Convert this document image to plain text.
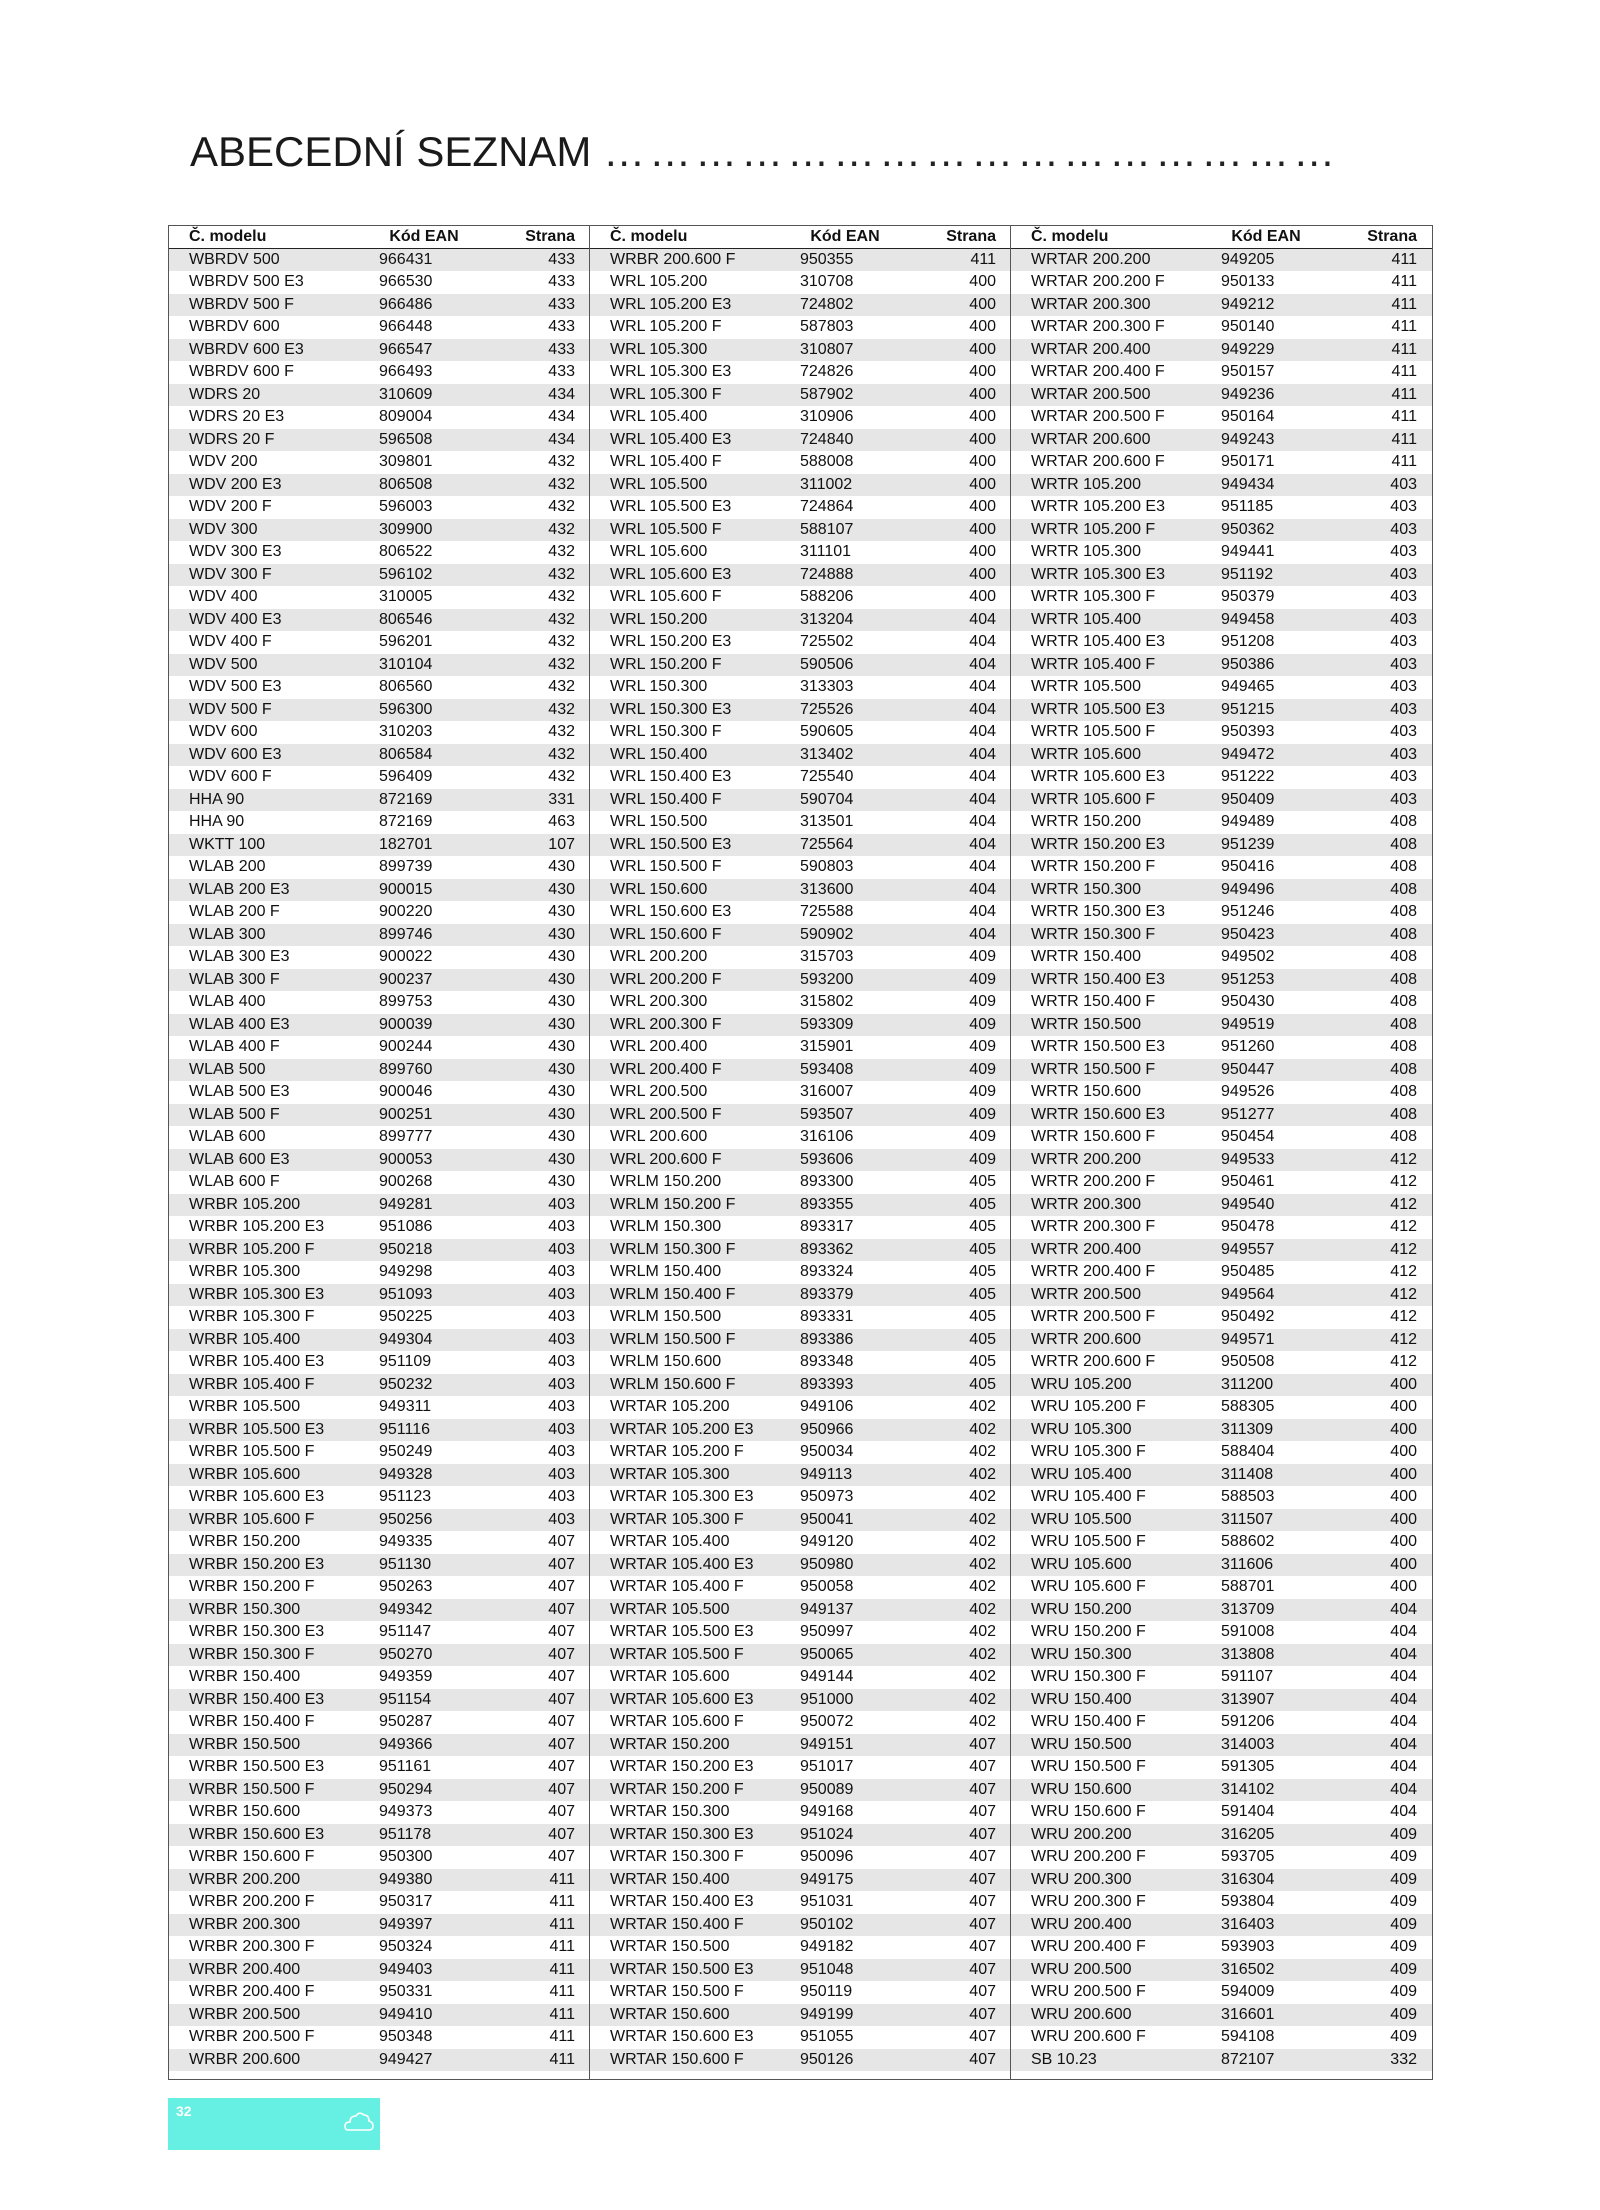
ABECEDNÍ SEZNAM …………………………………………
Č. modelu	Kód EAN	Strana
WBRDV 500	966431	433
WBRDV 500 E3	966530	433
WBRDV 500 F	966486	433
WBRDV 600	966448	433
WBRDV 600 E3	966547	433
WBRDV 600 F	966493	433
WDRS 20	310609	434
WDRS 20 E3	809004	434
WDRS 20 F	596508	434
WDV 200	309801	432
WDV 200 E3	806508	432
WDV 200 F	596003	432
WDV 300	309900	432
WDV 300 E3	806522	432
WDV 300 F	596102	432
WDV 400	310005	432
WDV 400 E3	806546	432
WDV 400 F	596201	432
WDV 500	310104	432
WDV 500 E3	806560	432
WDV 500 F	596300	432
WDV 600	310203	432
WDV 600 E3	806584	432
WDV 600 F	596409	432
HHA 90	872169	331
HHA 90	872169	463
WKTT 100	182701	107
WLAB 200	899739	430
WLAB 200 E3	900015	430
WLAB 200 F	900220	430
WLAB 300	899746	430
WLAB 300 E3	900022	430
WLAB 300 F	900237	430
WLAB 400	899753	430
WLAB 400 E3	900039	430
WLAB 400 F	900244	430
WLAB 500	899760	430
WLAB 500 E3	900046	430
WLAB 500 F	900251	430
WLAB 600	899777	430
WLAB 600 E3	900053	430
WLAB 600 F	900268	430
WRBR 105.200	949281	403
WRBR 105.200 E3	951086	403
WRBR 105.200 F	950218	403
WRBR 105.300	949298	403
WRBR 105.300 E3	951093	403
WRBR 105.300 F	950225	403
WRBR 105.400	949304	403
WRBR 105.400 E3	951109	403
WRBR 105.400 F	950232	403
WRBR 105.500	949311	403
WRBR 105.500 E3	951116	403
WRBR 105.500 F	950249	403
WRBR 105.600	949328	403
WRBR 105.600 E3	951123	403
WRBR 105.600 F	950256	403
WRBR 150.200	949335	407
WRBR 150.200 E3	951130	407
WRBR 150.200 F	950263	407
WRBR 150.300	949342	407
WRBR 150.300 E3	951147	407
WRBR 150.300 F	950270	407
WRBR 150.400	949359	407
WRBR 150.400 E3	951154	407
WRBR 150.400 F	950287	407
WRBR 150.500	949366	407
WRBR 150.500 E3	951161	407
WRBR 150.500 F	950294	407
WRBR 150.600	949373	407
WRBR 150.600 E3	951178	407
WRBR 150.600 F	950300	407
WRBR 200.200	949380	411
WRBR 200.200 F	950317	411
WRBR 200.300	949397	411
WRBR 200.300 F	950324	411
WRBR 200.400	949403	411
WRBR 200.400 F	950331	411
WRBR 200.500	949410	411
WRBR 200.500 F	950348	411
WRBR 200.600	949427	411
Č. modelu	Kód EAN	Strana
WRBR 200.600 F	950355	411
WRL 105.200	310708	400
WRL 105.200 E3	724802	400
WRL 105.200 F	587803	400
WRL 105.300	310807	400
WRL 105.300 E3	724826	400
WRL 105.300 F	587902	400
WRL 105.400	310906	400
WRL 105.400 E3	724840	400
WRL 105.400 F	588008	400
WRL 105.500	311002	400
WRL 105.500 E3	724864	400
WRL 105.500 F	588107	400
WRL 105.600	311101	400
WRL 105.600 E3	724888	400
WRL 105.600 F	588206	400
WRL 150.200	313204	404
WRL 150.200 E3	725502	404
WRL 150.200 F	590506	404
WRL 150.300	313303	404
WRL 150.300 E3	725526	404
WRL 150.300 F	590605	404
WRL 150.400	313402	404
WRL 150.400 E3	725540	404
WRL 150.400 F	590704	404
WRL 150.500	313501	404
WRL 150.500 E3	725564	404
WRL 150.500 F	590803	404
WRL 150.600	313600	404
WRL 150.600 E3	725588	404
WRL 150.600 F	590902	404
WRL 200.200	315703	409
WRL 200.200 F	593200	409
WRL 200.300	315802	409
WRL 200.300 F	593309	409
WRL 200.400	315901	409
WRL 200.400 F	593408	409
WRL 200.500	316007	409
WRL 200.500 F	593507	409
WRL 200.600	316106	409
WRL 200.600 F	593606	409
WRLM 150.200	893300	405
WRLM 150.200 F	893355	405
WRLM 150.300	893317	405
WRLM 150.300 F	893362	405
WRLM 150.400	893324	405
WRLM 150.400 F	893379	405
WRLM 150.500	893331	405
WRLM 150.500 F	893386	405
WRLM 150.600	893348	405
WRLM 150.600 F	893393	405
WRTAR 105.200	949106	402
WRTAR 105.200 E3	950966	402
WRTAR 105.200 F	950034	402
WRTAR 105.300	949113	402
WRTAR 105.300 E3	950973	402
WRTAR 105.300 F	950041	402
WRTAR 105.400	949120	402
WRTAR 105.400 E3	950980	402
WRTAR 105.400 F	950058	402
WRTAR 105.500	949137	402
WRTAR 105.500 E3	950997	402
WRTAR 105.500 F	950065	402
WRTAR 105.600	949144	402
WRTAR 105.600 E3	951000	402
WRTAR 105.600 F	950072	402
WRTAR 150.200	949151	407
WRTAR 150.200 E3	951017	407
WRTAR 150.200 F	950089	407
WRTAR 150.300	949168	407
WRTAR 150.300 E3	951024	407
WRTAR 150.300 F	950096	407
WRTAR 150.400	949175	407
WRTAR 150.400 E3	951031	407
WRTAR 150.400 F	950102	407
WRTAR 150.500	949182	407
WRTAR 150.500 E3	951048	407
WRTAR 150.500 F	950119	407
WRTAR 150.600	949199	407
WRTAR 150.600 E3	951055	407
WRTAR 150.600 F	950126	407
Č. modelu	Kód EAN	Strana
WRTAR 200.200	949205	411
WRTAR 200.200 F	950133	411
WRTAR 200.300	949212	411
WRTAR 200.300 F	950140	411
WRTAR 200.400	949229	411
WRTAR 200.400 F	950157	411
WRTAR 200.500	949236	411
WRTAR 200.500 F	950164	411
WRTAR 200.600	949243	411
WRTAR 200.600 F	950171	411
WRTR 105.200	949434	403
WRTR 105.200 E3	951185	403
WRTR 105.200 F	950362	403
WRTR 105.300	949441	403
WRTR 105.300 E3	951192	403
WRTR 105.300 F	950379	403
WRTR 105.400	949458	403
WRTR 105.400 E3	951208	403
WRTR 105.400 F	950386	403
WRTR 105.500	949465	403
WRTR 105.500 E3	951215	403
WRTR 105.500 F	950393	403
WRTR 105.600	949472	403
WRTR 105.600 E3	951222	403
WRTR 105.600 F	950409	403
WRTR 150.200	949489	408
WRTR 150.200 E3	951239	408
WRTR 150.200 F	950416	408
WRTR 150.300	949496	408
WRTR 150.300 E3	951246	408
WRTR 150.300 F	950423	408
WRTR 150.400	949502	408
WRTR 150.400 E3	951253	408
WRTR 150.400 F	950430	408
WRTR 150.500	949519	408
WRTR 150.500 E3	951260	408
WRTR 150.500 F	950447	408
WRTR 150.600	949526	408
WRTR 150.600 E3	951277	408
WRTR 150.600 F	950454	408
WRTR 200.200	949533	412
WRTR 200.200 F	950461	412
WRTR 200.300	949540	412
WRTR 200.300 F	950478	412
WRTR 200.400	949557	412
WRTR 200.400 F	950485	412
WRTR 200.500	949564	412
WRTR 200.500 F	950492	412
WRTR 200.600	949571	412
WRTR 200.600 F	950508	412
WRU 105.200	311200	400
WRU 105.200 F	588305	400
WRU 105.300	311309	400
WRU 105.300 F	588404	400
WRU 105.400	311408	400
WRU 105.400 F	588503	400
WRU 105.500	311507	400
WRU 105.500 F	588602	400
WRU 105.600	311606	400
WRU 105.600 F	588701	400
WRU 150.200	313709	404
WRU 150.200 F	591008	404
WRU 150.300	313808	404
WRU 150.300 F	591107	404
WRU 150.400	313907	404
WRU 150.400 F	591206	404
WRU 150.500	314003	404
WRU 150.500 F	591305	404
WRU 150.600	314102	404
WRU 150.600 F	591404	404
WRU 200.200	316205	409
WRU 200.200 F	593705	409
WRU 200.300	316304	409
WRU 200.300 F	593804	409
WRU 200.400	316403	409
WRU 200.400 F	593903	409
WRU 200.500	316502	409
WRU 200.500 F	594009	409
WRU 200.600	316601	409
WRU 200.600 F	594108	409
SB 10.23	872107	332
32
